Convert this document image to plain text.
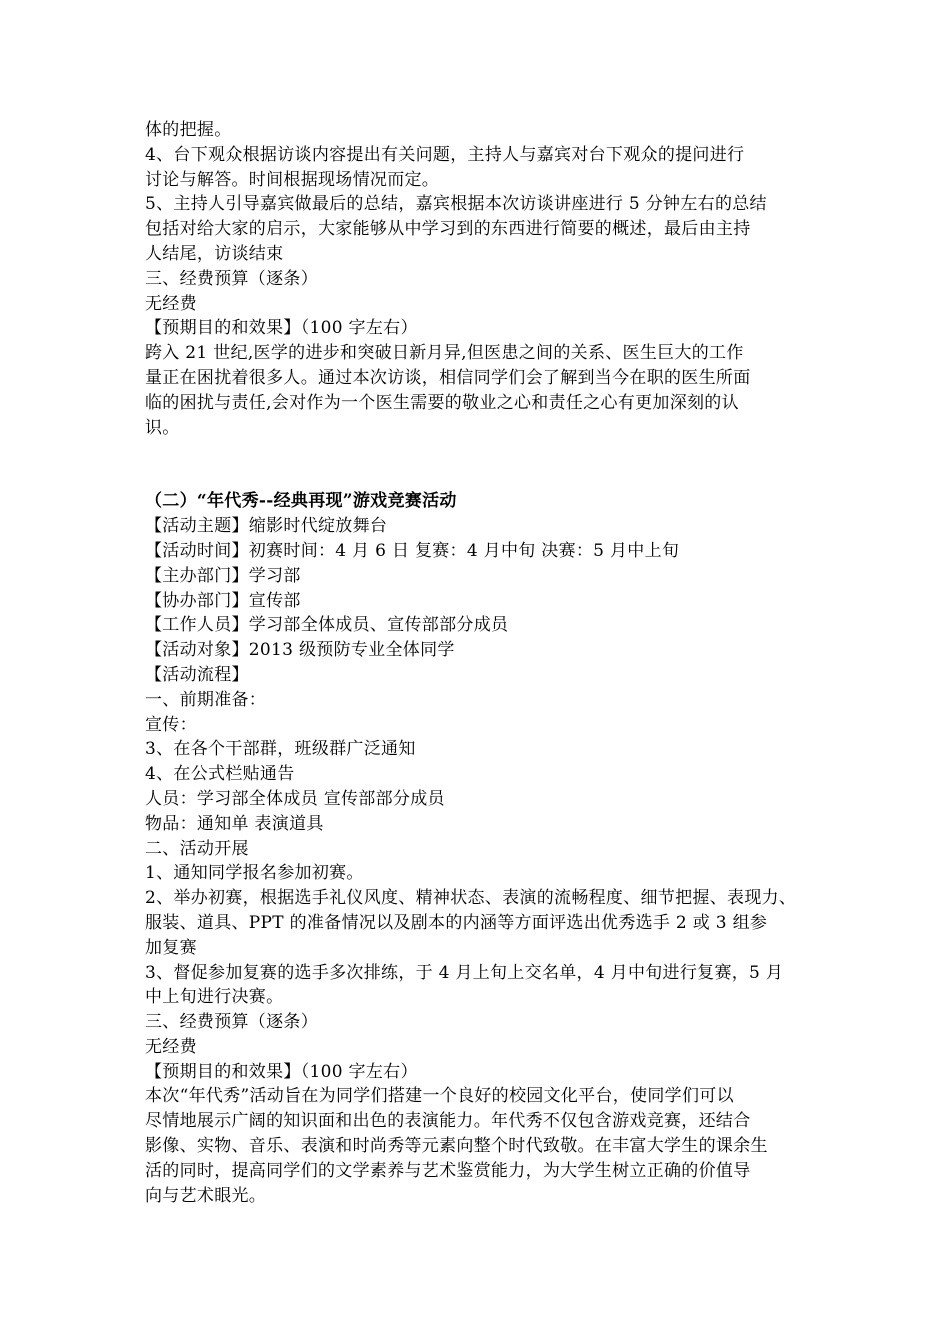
体的把握。
4、台下观众根据访谈内容提出有关问题，主持人与嘉宾对台下观众的提问进行
讨论与解答。时间根据现场情况而定。
5、主持人引导嘉宾做最后的总结，嘉宾根据本次访谈讲座进行 5 分钟左右的总结
包括对给大家的启示，大家能够从中学习到的东西进行简要的概述，最后由主持
人结尾，访谈结束
三、经费预算（逐条）
无经费
【预期目的和效果】（100 字左右）
跨入 21 世纪,医学的进步和突破日新月异,但医患之间的关系、医生巨大的工作
量正在困扰着很多人。通过本次访谈，相信同学们会了解到当今在职的医生所面
临的困扰与责任,会对作为一个医生需要的敬业之心和责任之心有更加深刻的认
识。
（二）“年代秀--经典再现”游戏竞赛活动
【活动主题】缩影时代绽放舞台
【活动时间】初赛时间：4 月 6 日 复赛：4 月中旬 决赛：5 月中上旬
【主办部门】学习部
【协办部门】宣传部
【工作人员】学习部全体成员、宣传部部分成员
【活动对象】2013 级预防专业全体同学
【活动流程】
一、前期准备：
宣传：
3、在各个干部群，班级群广泛通知
4、在公式栏贴通告
人员：学习部全体成员 宣传部部分成员
物品：通知单 表演道具
二、活动开展
1、通知同学报名参加初赛。
2、举办初赛，根据选手礼仪风度、精神状态、表演的流畅程度、细节把握、表现力、
服装、道具、PPT 的准备情况以及剧本的内涵等方面评选出优秀选手 2 或 3 组参
加复赛
3、督促参加复赛的选手多次排练，于 4 月上旬上交名单，4 月中旬进行复赛，5 月
中上旬进行决赛。
三、经费预算（逐条）
无经费
【预期目的和效果】（100 字左右）
本次“年代秀”活动旨在为同学们搭建一个良好的校园文化平台，使同学们可以
尽情地展示广阔的知识面和出色的表演能力。年代秀不仅包含游戏竞赛，还结合
影像、实物、音乐、表演和时尚秀等元素向整个时代致敬。在丰富大学生的课余生
活的同时，提高同学们的文学素养与艺术鉴赏能力，为大学生树立正确的价值导
向与艺术眼光。
